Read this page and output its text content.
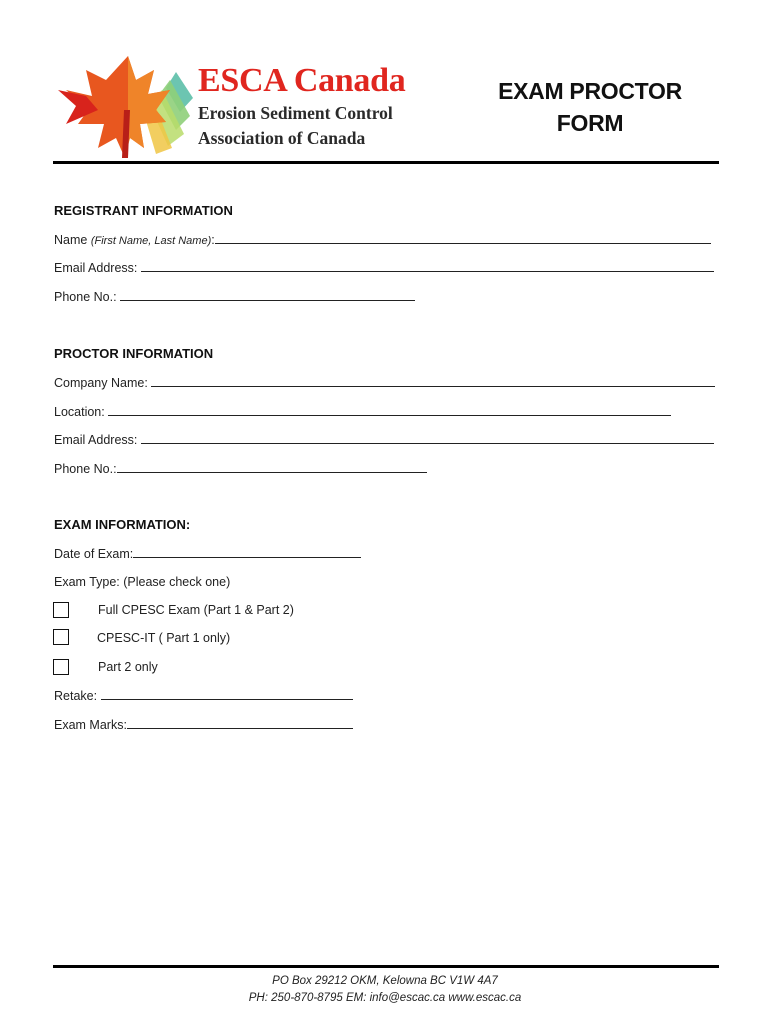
ESCA Canada
Erosion Sediment Control
Association of Canada
EXAM PROCTOR
FORM
REGISTRANT INFORMATION
Name (First Name, Last Name):
Email Address:
Phone No.:
PROCTOR INFORMATION
Company Name:
Location:
Email Address:
Phone No.:
EXAM INFORMATION:
Date of Exam:
Exam Type: (Please check one)
Full CPESC Exam (Part 1 & Part 2)
CPESC-IT ( Part 1 only)
Part 2 only
Retake:
Exam Marks:
PO Box 29212 OKM, Kelowna BC V1W 4A7
PH: 250-870-8795 EM: info@escac.ca www.escac.ca
